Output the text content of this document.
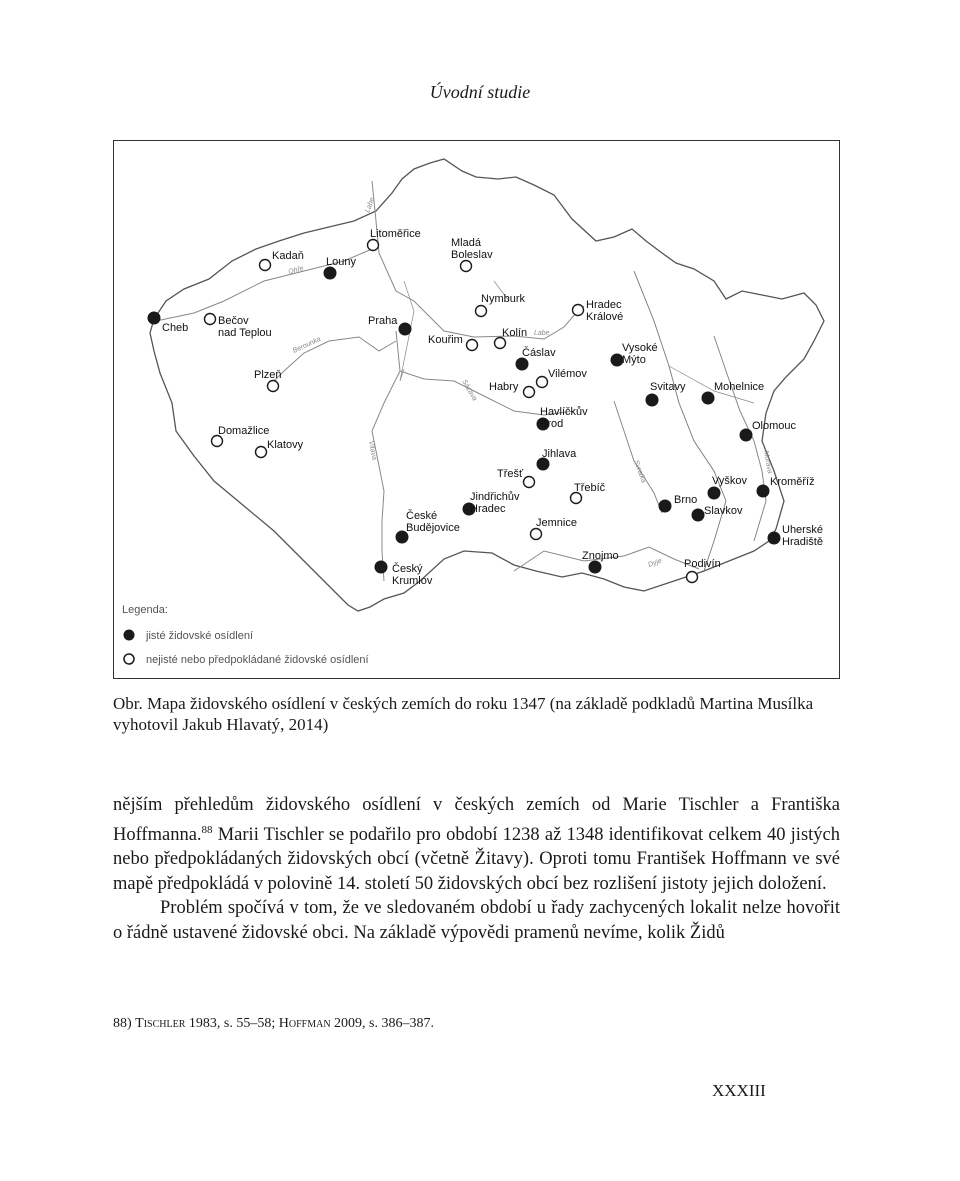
Úvodní studie
Labe
Ohře
Berounka
Labe
Sázava
Vltava
Svratka	Morava
Dyje
Cheb
Bečov
nad Teplou
Kadaň Louny
Litoměřice
Mladá
Boleslav
Nymburk	Hradec
Králové
Praha
Kouřim
Kolín
Čáslav	Vysoké
Mýto
Vilémov
Habry	Svitavy	Mohelnice
Plzeň
Havlíčkův
Brod	Olomouc
Domažlice
Klatovy
Jihlava
Třešť
Třebíč
Vyškov Kroměříž
Jindřichův
Hradec
Brno
Slavkov
České
Budějovice	Jemnice
Uherské
Hradiště
Znojmo
Český
Krumlov
Podivín
Legenda:
jisté židovské osídlení
nejisté nebo předpokládané židovské osídlení
Obr. Mapa židovského osídlení v českých zemích do roku 1347 (na základě podkladů Martina Musílka vyhotovil Jakub Hlavatý, 2014)

nějším přehledům židovského osídlení v českých zemích od Marie Tischler a Františka Hoffmanna.$^{88}$ Marii Tischler se podařilo pro období 1238 až 1348 identifikovat celkem 40 jistých nebo předpokládaných židovských obcí (včetně Žitavy). Oproti tomu František Hoffmann ve své mapě předpokládá v polovině 14. století 50 židovských obcí bez rozlišení jistoty jejich doložení.

Problém spočívá v tom, že ve sledovaném období u řady zachycených lokalit nelze hovořit o řádně ustavené židovské obci. Na základě výpovědi pramenů nevíme, kolik Židů

88) Tischler 1983, s. 55–58; Hoffman 2009, s. 386–387.
XXXIII
